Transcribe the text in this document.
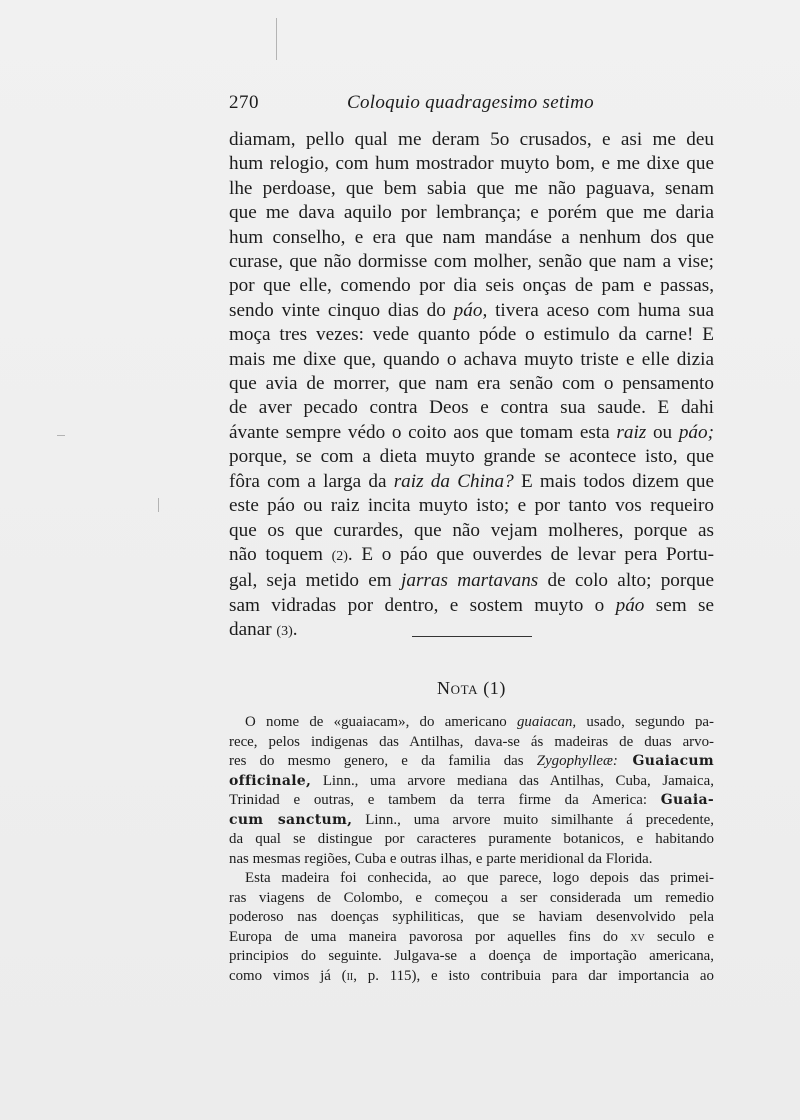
270	Coloquio quadragesimo setimo
diamam, pello qual me deram 5o crusados, e asi me deu
hum relogio, com hum mostrador muyto bom, e me dixe que
lhe perdoase, que bem sabia que me não paguava, senam
que me dava aquilo por lembrança; e porém que me daria
hum conselho, e era que nam mandáse a nenhum dos que
curase, que não dormisse com molher, senão que nam a vise;
por que elle, comendo por dia seis onças de pam e passas,
sendo vinte cinquo dias do páo, tivera aceso com huma sua
moça tres vezes: vede quanto póde o estimulo da carne! E
mais me dixe que, quando o achava muyto triste e elle dizia
que avia de morrer, que nam era senão com o pensamento
de aver pecado contra Deos e contra sua saude. E dahi
ávante sempre védo o coito aos que tomam esta raiz ou páo;
porque, se com a dieta muyto grande se acontece isto, que
fôra com a larga da raiz da China? E mais todos dizem que
este páo ou raiz incita muyto isto; e por tanto vos requeiro
que os que curardes, que não vejam molheres, porque as
não toquem (2). E o páo que ouverdes de levar pera Portu-
gal, seja metido em jarras martavans de colo alto; porque
sam vidradas por dentro, e sostem muyto o páo sem se
danar (3).
Nota (1)
O nome de «guaiacam», do americano guaiacan, usado, segundo pa-
rece, pelos indigenas das Antilhas, dava-se ás madeiras de duas arvo-
res do mesmo genero, e da familia das Zygophylleæ: Guaiacum
officinale, Linn., uma arvore mediana das Antilhas, Cuba, Jamaica,
Trinidad e outras, e tambem da terra firme da America: Guaia-
cum sanctum, Linn., uma arvore muito similhante á precedente,
da qual se distingue por caracteres puramente botanicos, e habitando
nas mesmas regiões, Cuba e outras ilhas, e parte meridional da Florida.
Esta madeira foi conhecida, ao que parece, logo depois das primei-
ras viagens de Colombo, e começou a ser considerada um remedio
poderoso nas doenças syphiliticas, que se haviam desenvolvido pela
Europa de uma maneira pavorosa por aquelles fins do xv seculo e
principios do seguinte. Julgava-se a doença de importação americana,
como vimos já (ii, p. 115), e isto contribuia para dar importancia ao
